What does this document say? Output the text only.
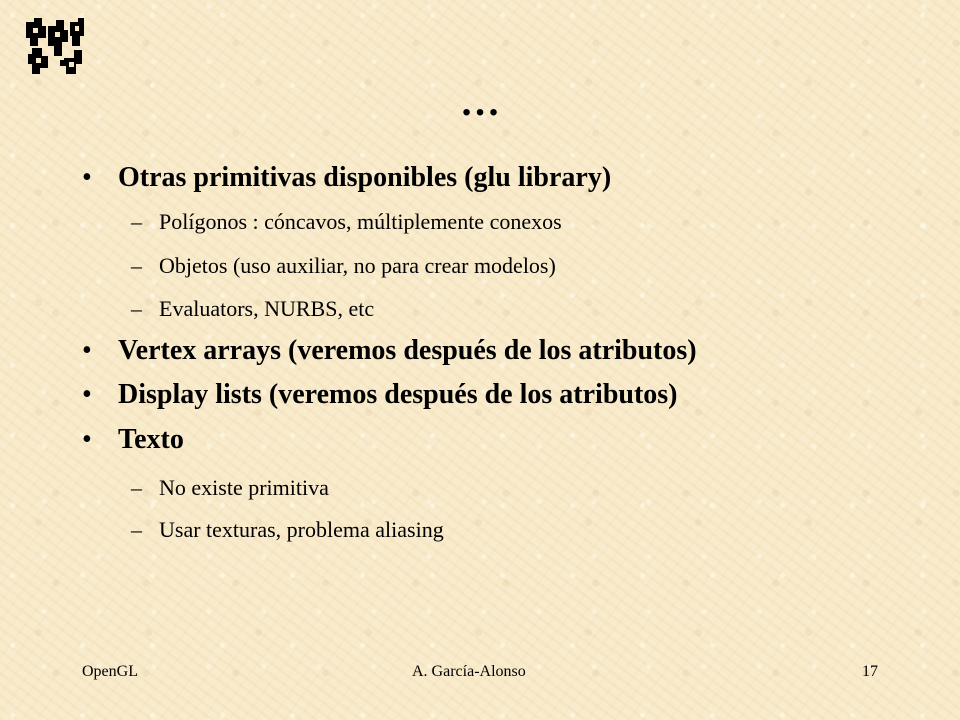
…
• Otras primitivas disponibles (glu library)
– Polígonos : cóncavos, múltiplemente conexos
– Objetos (uso auxiliar, no para crear modelos)
– Evaluators, NURBS, etc
• Vertex arrays (veremos después de los atributos)
• Display lists (veremos después de los atributos)
• Texto
– No existe primitiva
– Usar texturas, problema aliasing
OpenGL	A. García-Alonso	17
